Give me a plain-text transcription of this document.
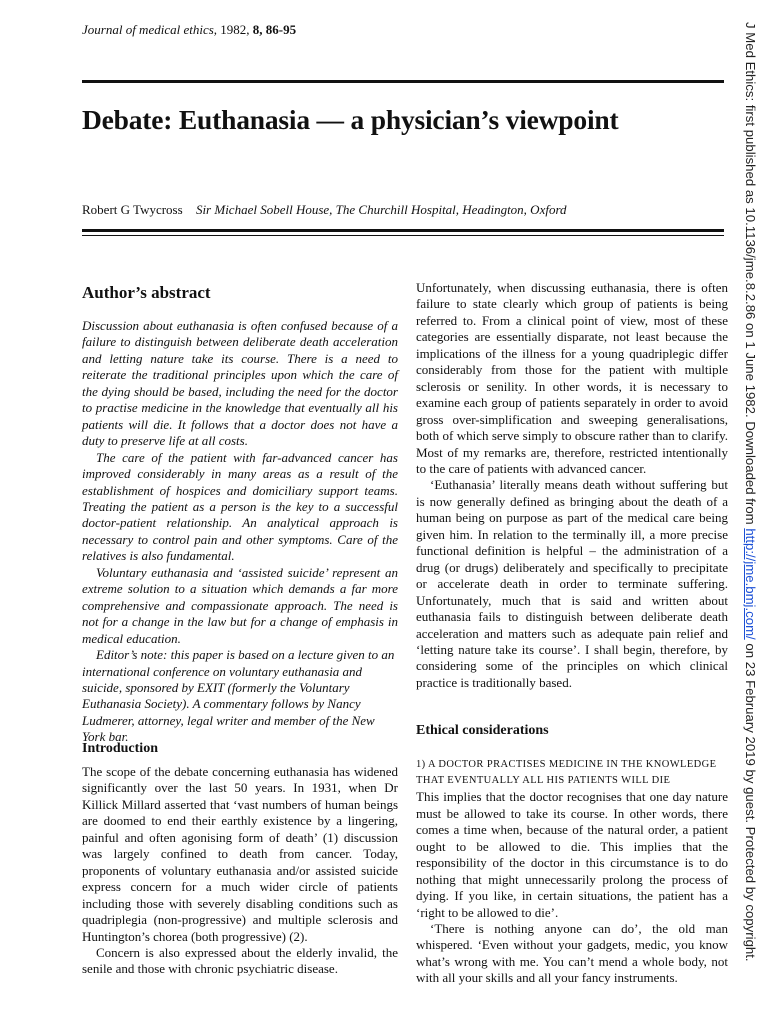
Journal of medical ethics, 1982, 8, 86-95
Debate: Euthanasia — a physician’s viewpoint
Robert G Twycross Sir Michael Sobell House, The Churchill Hospital, Headington, Oxford
Author’s abstract

Discussion about euthanasia is often confused because of a failure to distinguish between deliberate death acceleration and letting nature take its course. There is a need to reiterate the traditional principles upon which the care of the dying should be based, including the need for the doctor to practise medicine in the knowledge that eventually all his patients will die. It follows that a doctor does not have a duty to preserve life at all costs.

The care of the patient with far-advanced cancer has improved considerably in many areas as a result of the establishment of hospices and domiciliary support teams. Treating the patient as a person is the key to a successful doctor-patient relationship. An analytical approach is necessary to control pain and other symptoms. Care of the relatives is also fundamental.

Voluntary euthanasia and ‘assisted suicide’ represent an extreme solution to a situation which demands a far more comprehensive and compassionate approach. The need is not for a change in the law but for a change of emphasis in medical education.

Editor’s note: this paper is based on a lecture given to an international conference on voluntary euthanasia and suicide, sponsored by EXIT (formerly the Voluntary Euthanasia Society). A commentary follows by Nancy Ludmerer, attorney, legal writer and member of the New York bar.

Introduction

The scope of the debate concerning euthanasia has widened significantly over the last 50 years. In 1931, when Dr Killick Millard asserted that ‘vast numbers of human beings are doomed to end their earthly existence by a lingering, painful and often agonising form of death’ (1) discussion was largely confined to death from cancer. Today, proponents of voluntary euthanasia and/or assisted suicide express concern for a much wider circle of patients including those with severely disabling conditions such as quadriplegia (non-progressive) and multiple sclerosis and Huntington’s chorea (both progressive) (2).

Concern is also expressed about the elderly invalid, the senile and those with chronic psychiatric disease.

Unfortunately, when discussing euthanasia, there is often failure to state clearly which group of patients is being referred to. From a clinical point of view, most of these categories are essentially disparate, not least because the implications of the illness for a young quadriplegic differ considerably from those for the patient with multiple sclerosis or senility. In other words, it is necessary to examine each group of patients separately in order to avoid gross over-simplification and sweeping generalisations, both of which serve simply to obscure rather than to clarify. Most of my remarks are, therefore, restricted intentionally to the care of patients with advanced cancer.

‘Euthanasia’ literally means death without suffering but is now generally defined as bringing about the death of a human being on purpose as part of the medical care being given him. In relation to the terminally ill, a more precise functional definition is helpful – the administration of a drug (or drugs) deliberately and specifically to precipitate or accelerate death in order to terminate suffering. Unfortunately, much that is said and written about euthanasia fails to distinguish between deliberate death acceleration and matters such as adequate pain relief and ‘letting nature take its course’. I shall begin, therefore, by considering some of the principles on which clinical practice is traditionally based.

Ethical considerations

1) A DOCTOR PRACTISES MEDICINE IN THE KNOWLEDGE THAT EVENTUALLY ALL HIS PATIENTS WILL DIE

This implies that the doctor recognises that one day nature must be allowed to take its course. In other words, there comes a time when, because of the natural order, a patient ought to be allowed to die. This implies that the responsibility of the doctor in this circumstance is to do nothing that might unnecessarily prolong the process of dying. If you like, in certain situations, the patient has a ‘right to be allowed to die’.

‘There is nothing anyone can do’, the old man whispered. ‘Even without your gadgets, medic, you know what’s wrong with me. You can’t mend a whole body, not with all your skills and all your fancy instruments.

J Med Ethics: first published as 10.1136/jme.8.2.86 on 1 June 1982. Downloaded from http://jme.bmj.com/ on 23 February 2019 by guest. Protected by copyright.
